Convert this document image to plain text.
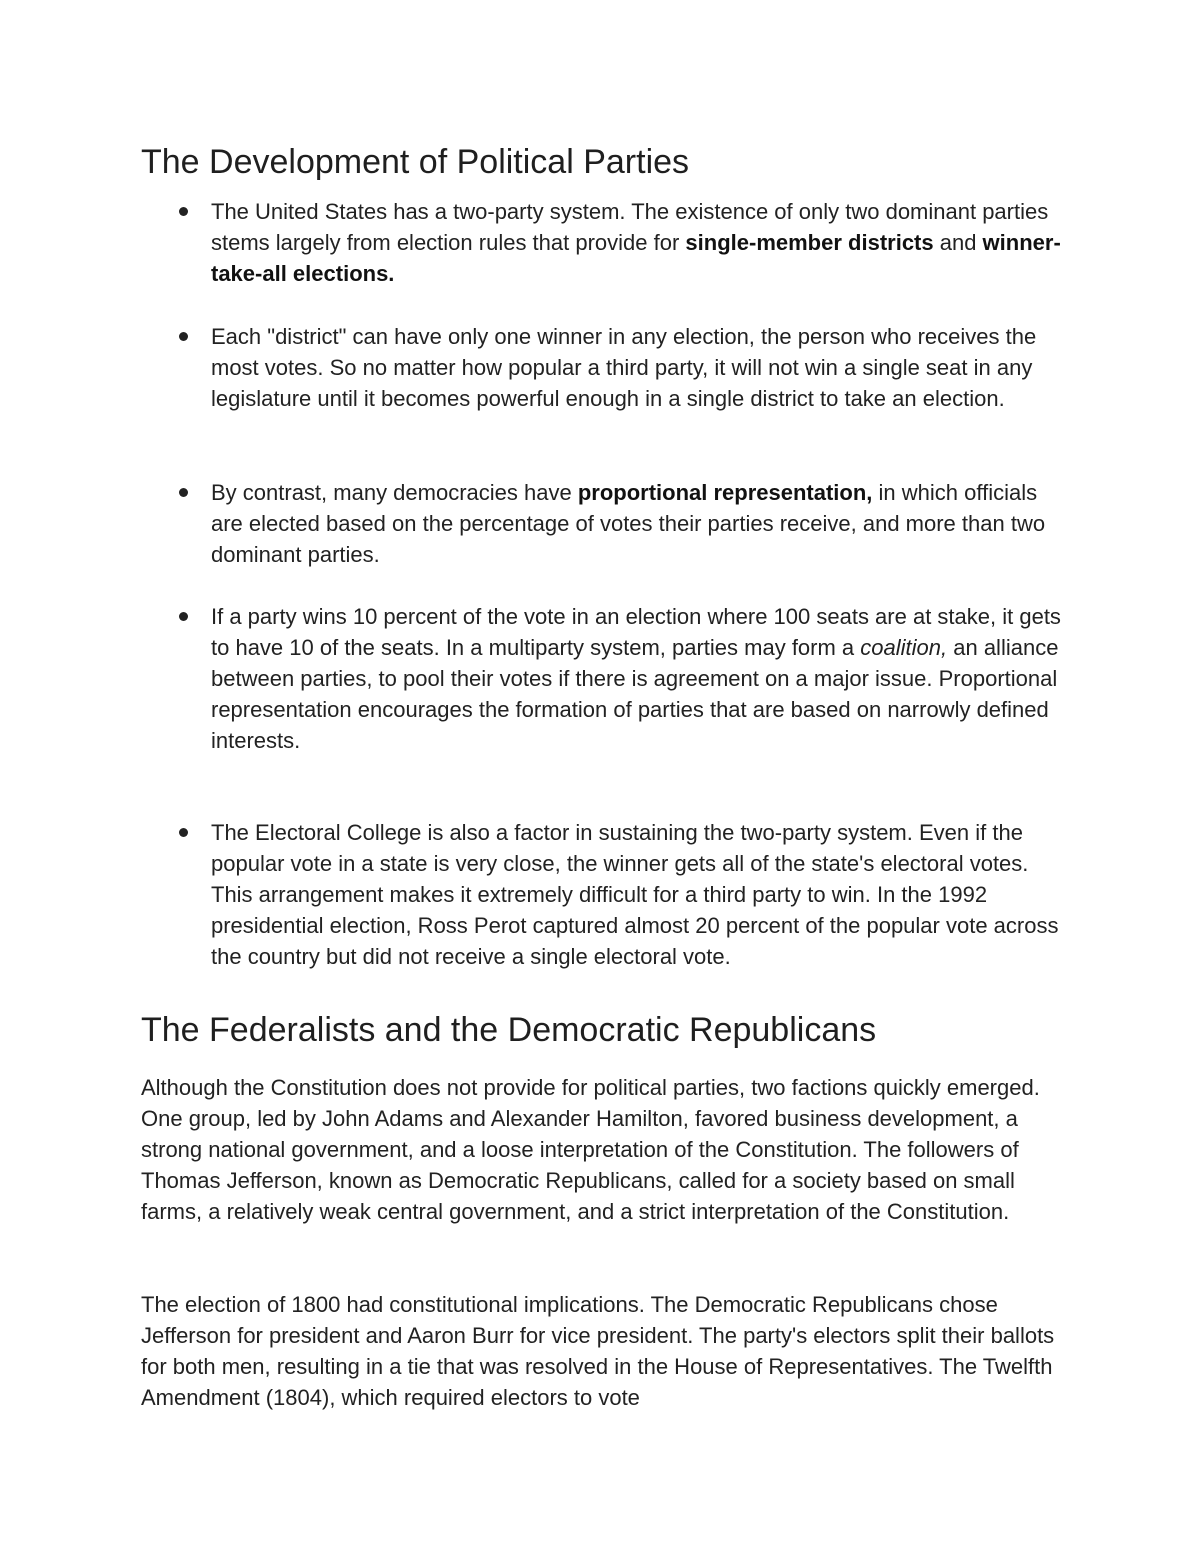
The Development of Political Parties
The United States has a two-party system. The existence of only two dominant parties stems largely from election rules that provide for single-member districts and winner-take-all elections.
Each "district" can have only one winner in any election, the person who receives the most votes. So no matter how popular a third party, it will not win a single seat in any legislature until it becomes powerful enough in a single district to take an election.
By contrast, many democracies have proportional representation, in which officials are elected based on the percentage of votes their parties receive, and more than two dominant parties.
If a party wins 10 percent of the vote in an election where 100 seats are at stake, it gets to have 10 of the seats. In a multiparty system, parties may form a coalition, an alliance between parties, to pool their votes if there is agreement on a major issue. Proportional representation encourages the formation of parties that are based on narrowly defined interests.
The Electoral College is also a factor in sustaining the two-party system. Even if the popular vote in a state is very close, the winner gets all of the state's electoral votes. This arrangement makes it extremely difficult for a third party to win. In the 1992 presidential election, Ross Perot captured almost 20 percent of the popular vote across the country but did not receive a single electoral vote.
The Federalists and the Democratic Republicans

Although the Constitution does not provide for political parties, two factions quickly emerged. One group, led by John Adams and Alexander Hamilton, favored business development, a strong national government, and a loose interpretation of the Constitution. The followers of Thomas Jefferson, known as Democratic Republicans, called for a society based on small farms, a relatively weak central government, and a strict interpretation of the Constitution.

The election of 1800 had constitutional implications. The Democratic Republicans chose Jefferson for president and Aaron Burr for vice president. The party's electors split their ballots for both men, resulting in a tie that was resolved in the House of Representatives. The Twelfth Amendment (1804), which required electors to vote
